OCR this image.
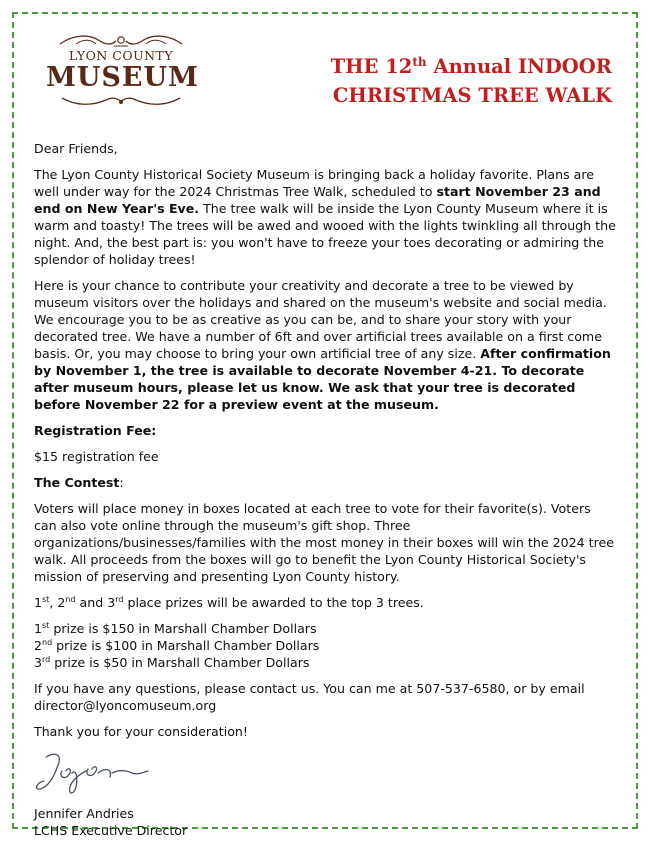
LYON COUNTY
MUSEUM	THE 12th Annual INDOOR
CHRISTMAS TREE WALK

Dear Friends,

The Lyon County Historical Society Museum is bringing back a holiday favorite. Plans are well under way for the 2024 Christmas Tree Walk, scheduled to start November 23 and end on New Year's Eve. The tree walk will be inside the Lyon County Museum where it is warm and toasty! The trees will be awed and wooed with the lights twinkling all through the night. And, the best part is: you won't have to freeze your toes decorating or admiring the splendor of holiday trees!

Here is your chance to contribute your creativity and decorate a tree to be viewed by museum visitors over the holidays and shared on the museum's website and social media. We encourage you to be as creative as you can be, and to share your story with your decorated tree. We have a number of 6ft and over artificial trees available on a first come basis. Or, you may choose to bring your own artificial tree of any size. After confirmation by November 1, the tree is available to decorate November 4-21. To decorate after museum hours, please let us know. We ask that your tree is decorated before November 22 for a preview event at the museum.

Registration Fee:

$15 registration fee

The Contest:

Voters will place money in boxes located at each tree to vote for their favorite(s). Voters can also vote online through the museum's gift shop. Three organizations/businesses/families with the most money in their boxes will win the 2024 tree walk. All proceeds from the boxes will go to benefit the Lyon County Historical Society's mission of preserving and presenting Lyon County history.

1st, 2nd and 3rd place prizes will be awarded to the top 3 trees.

1st prize is $150 in Marshall Chamber Dollars
2nd prize is $100 in Marshall Chamber Dollars
3rd prize is $50 in Marshall Chamber Dollars

If you have any questions, please contact us. You can me at 507-537-6580, or by email director@lyoncomuseum.org

Thank you for your consideration!

Jennifer Andries
LCHS Executive Director
